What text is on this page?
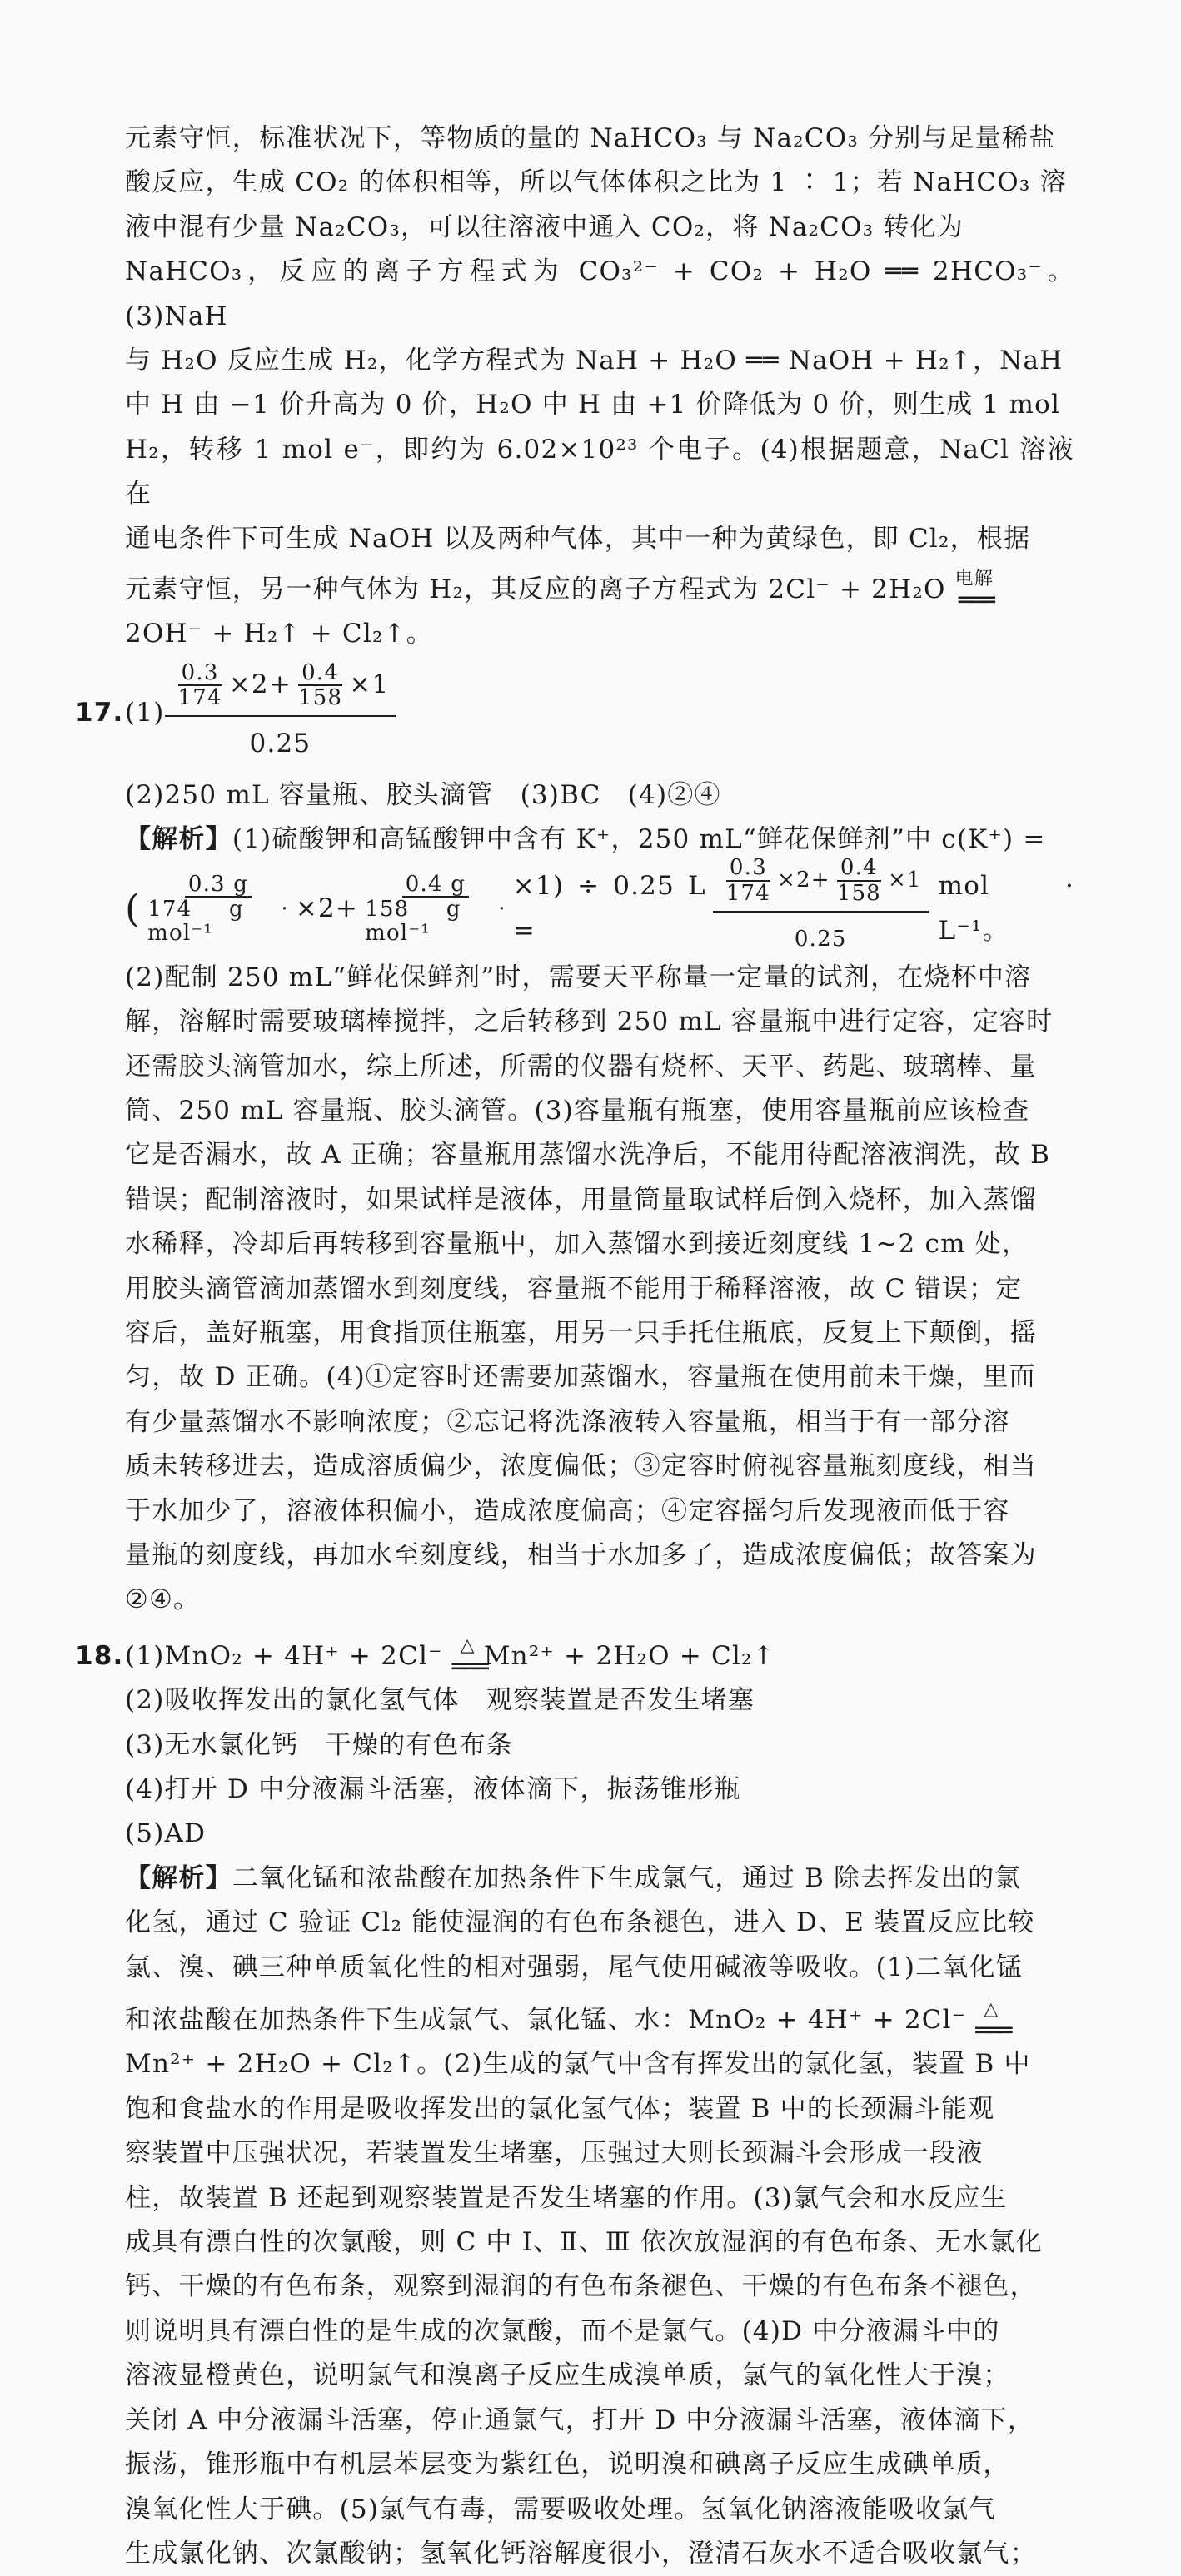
元素守恒，标准状况下，等物质的量的 NaHCO₃ 与 Na₂CO₃ 分别与足量稀盐

酸反应，生成 CO₂ 的体积相等，所以气体体积之比为 1 ∶ 1；若 NaHCO₃ 溶

液中混有少量 Na₂CO₃，可以往溶液中通入 CO₂，将 Na₂CO₃ 转化为

NaHCO₃，反应的离子方程式为 CO₃²⁻ + CO₂ + H₂O ══ 2HCO₃⁻。(3)NaH

与 H₂O 反应生成 H₂，化学方程式为 NaH + H₂O ══ NaOH + H₂↑，NaH

中 H 由 −1 价升高为 0 价，H₂O 中 H 由 +1 价降低为 0 价，则生成 1 mol

H₂，转移 1 mol e⁻，即约为 6.02×10²³ 个电子。(4)根据题意，NaCl 溶液在

通电条件下可生成 NaOH 以及两种气体，其中一种为黄绿色，即 Cl₂，根据

元素守恒，另一种气体为 H₂，其反应的离子方程式为 2Cl⁻ + 2H₂O 电解
═══

2OH⁻ + H₂↑ + Cl₂↑。

17. (1)
$\frac{0.3}{174} \times 2+ \frac{0.4}{158} \times 1$
0.25

(2)250 mL 容量瓶、胶头滴管　(3)BC　(4)②④

【解析】(1)硫酸钾和高锰酸钾中含有 K⁺，250 mL“鲜花保鲜剂”中 c(K⁺) =

( $\frac{0.3 g}{\text{174 g · mol⁻¹}} \times 2+ \frac{0.4 g}{\text{158 g · mol⁻¹}} \times 1) \div 0.25$ L =	$\frac{\frac{0.3}{174} \times 2+ \frac{0.4}{158} \times 1}{0.25}$ mol · L⁻¹。

(2)配制 250 mL“鲜花保鲜剂”时，需要天平称量一定量的试剂，在烧杯中溶

解，溶解时需要玻璃棒搅拌，之后转移到 250 mL 容量瓶中进行定容，定容时

还需胶头滴管加水，综上所述，所需的仪器有烧杯、天平、药匙、玻璃棒、量

筒、250 mL 容量瓶、胶头滴管。(3)容量瓶有瓶塞，使用容量瓶前应该检查

它是否漏水，故 A 正确；容量瓶用蒸馏水洗净后，不能用待配溶液润洗，故 B

错误；配制溶液时，如果试样是液体，用量筒量取试样后倒入烧杯，加入蒸馏

水稀释，冷却后再转移到容量瓶中，加入蒸馏水到接近刻度线 1~2 cm 处，

用胶头滴管滴加蒸馏水到刻度线，容量瓶不能用于稀释溶液，故 C 错误；定

容后，盖好瓶塞，用食指顶住瓶塞，用另一只手托住瓶底，反复上下颠倒，摇

匀，故 D 正确。(4)①定容时还需要加蒸馏水，容量瓶在使用前未干燥，里面

有少量蒸馏水不影响浓度；②忘记将洗涤液转入容量瓶，相当于有一部分溶

质未转移进去，造成溶质偏少，浓度偏低；③定容时俯视容量瓶刻度线，相当

于水加少了，溶液体积偏小，造成浓度偏高；④定容摇匀后发现液面低于容

量瓶的刻度线，再加水至刻度线，相当于水加多了，造成浓度偏低；故答案为

②④。

18. (1)MnO₂ + 4H⁺ + 2Cl⁻ △
═══ Mn²⁺ + 2H₂O + Cl₂↑

(2)吸收挥发出的氯化氢气体　观察装置是否发生堵塞

(3)无水氯化钙　干燥的有色布条

(4)打开 D 中分液漏斗活塞，液体滴下，振荡锥形瓶

(5)AD

【解析】二氧化锰和浓盐酸在加热条件下生成氯气，通过 B 除去挥发出的氯

化氢，通过 C 验证 Cl₂ 能使湿润的有色布条褪色，进入 D、E 装置反应比较

氯、溴、碘三种单质氧化性的相对强弱，尾气使用碱液等吸收。(1)二氧化锰

和浓盐酸在加热条件下生成氯气、氯化锰、水：MnO₂ + 4H⁺ + 2Cl⁻ △
═══

Mn²⁺ + 2H₂O + Cl₂↑。(2)生成的氯气中含有挥发出的氯化氢，装置 B 中

饱和食盐水的作用是吸收挥发出的氯化氢气体；装置 B 中的长颈漏斗能观

察装置中压强状况，若装置发生堵塞，压强过大则长颈漏斗会形成一段液

柱，故装置 B 还起到观察装置是否发生堵塞的作用。(3)氯气会和水反应生

成具有漂白性的次氯酸，则 C 中 Ⅰ、Ⅱ、Ⅲ 依次放湿润的有色布条、无水氯化

钙、干燥的有色布条，观察到湿润的有色布条褪色、干燥的有色布条不褪色，

则说明具有漂白性的是生成的次氯酸，而不是氯气。(4)D 中分液漏斗中的

溶液显橙黄色，说明氯气和溴离子反应生成溴单质，氯气的氧化性大于溴；

关闭 A 中分液漏斗活塞，停止通氯气，打开 D 中分液漏斗活塞，液体滴下，

振荡，锥形瓶中有机层苯层变为紫红色，说明溴和碘离子反应生成碘单质，

溴氧化性大于碘。(5)氯气有毒，需要吸收处理。氢氧化钠溶液能吸收氯气

生成氯化钠、次氯酸钠；氢氧化钙溶解度很小，澄清石灰水不适合吸收氯气；
